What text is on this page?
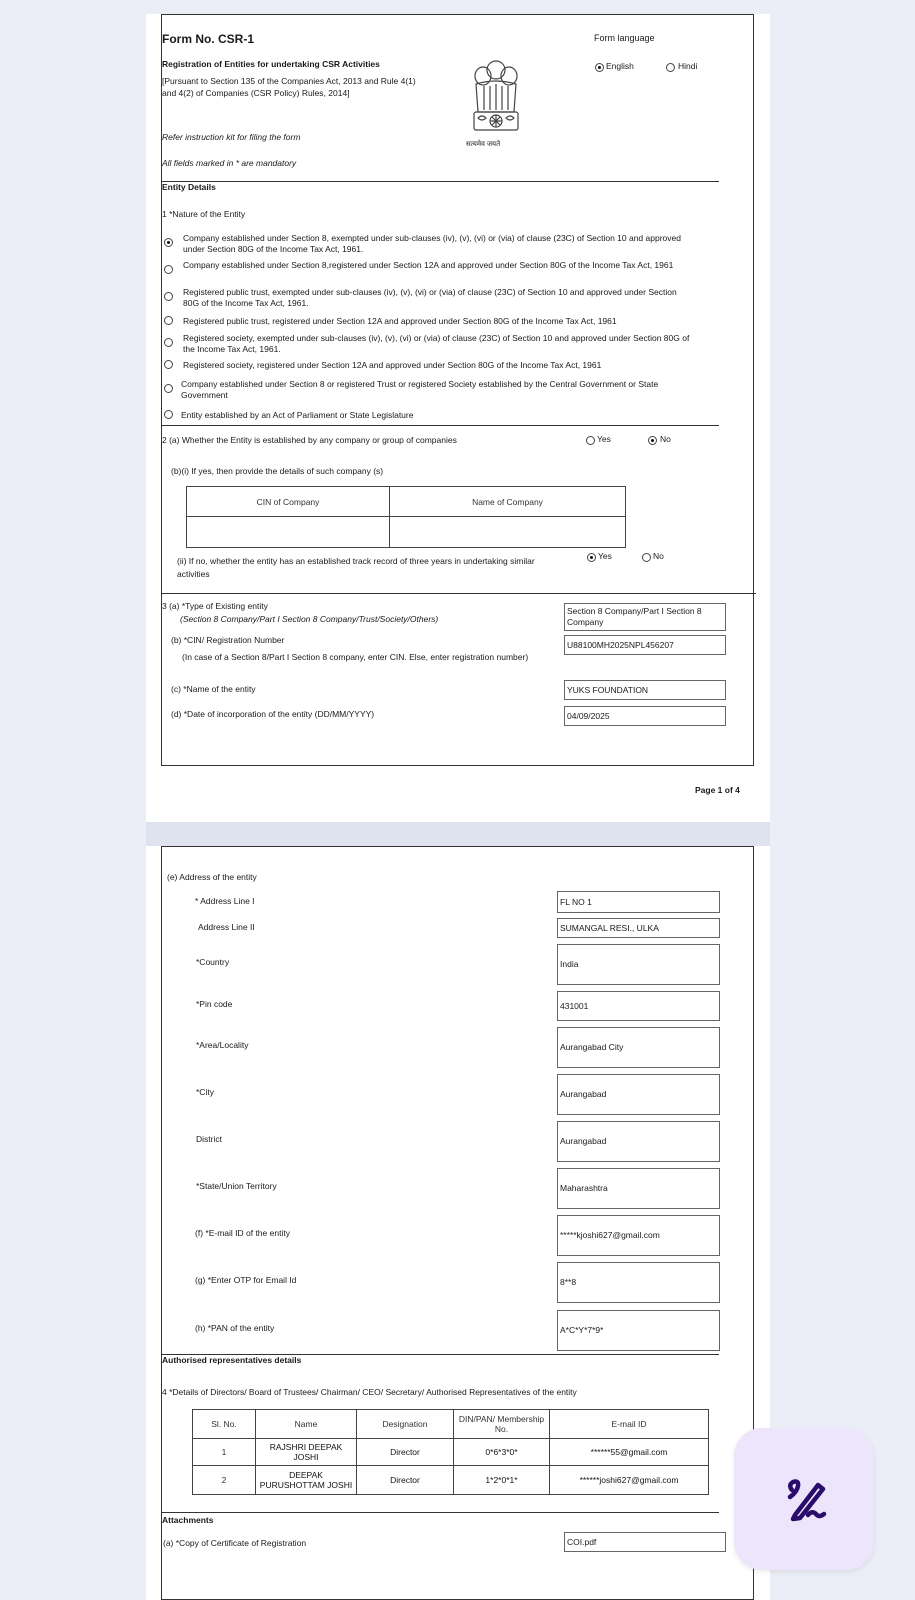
Form No. CSR-1	Form language
English	Hindi
Registration of Entities for undertaking CSR Activities
[Pursuant to Section 135 of the Companies Act, 2013 and Rule 4(1)
and 4(2) of Companies (CSR Policy) Rules, 2014]
सत्यमेव जयते
Refer instruction kit for filing the form
All fields marked in * are mandatory
Entity Details
1 *Nature of the Entity
Company established under Section 8, exempted under sub-clauses (iv), (v), (vi) or (via) of clause (23C) of Section 10 and approved under Section 80G of the Income Tax Act, 1961.
Company established under Section 8,registered under Section 12A and approved under Section 80G of the Income Tax Act, 1961
Registered public trust, exempted under sub-clauses (iv), (v), (vi) or (via) of clause (23C) of Section 10 and approved under Section 80G of the Income Tax Act, 1961.
Registered public trust, registered under Section 12A and approved under Section 80G of the Income Tax Act, 1961
Registered society, exempted under sub-clauses (iv), (v), (vi) or (via) of clause (23C) of Section 10 and approved under Section 80G of the Income Tax Act, 1961.
Registered society, registered under Section 12A and approved under Section 80G of the Income Tax Act, 1961
Company established under Section 8 or registered Trust or registered Society established by the Central Government or State Government
Entity established by an Act of Parliament or State Legislature
2 (a) Whether the Entity is established by any company or group of companies	Yes	No
(b)(i) If yes, then provide the details of such company (s)
CIN of Company	Name of Company

(ii) If no, whether the entity has an established track record of three years in undertaking similar
activities
Yes	No
3 (a) *Type of Existing entity
(Section 8 Company/Part I Section 8 Company/Trust/Society/Others)
Section 8 Company/Part I Section 8 Company
(b) *CIN/ Registration Number
(In case of a Section 8/Part I Section 8 company, enter CIN. Else, enter registration number)
U88100MH2025NPL456207
(c) *Name of the entity	YUKS FOUNDATION
(d) *Date of incorporation of the entity (DD/MM/YYYY)	04/09/2025
Page 1 of 4
(e) Address of the entity
* Address Line I	FL NO 1
Address Line II	SUMANGAL RESI., ULKA
*Country	India
*Pin code	431001
*Area/Locality	Aurangabad City
*City	Aurangabad
District	Aurangabad
*State/Union Territory	Maharashtra
(f) *E-mail ID of the entity	*****kjoshi627@gmail.com
(g) *Enter OTP for Email Id	8**8
(h) *PAN of the entity	A*C*Y*7*9*
Authorised representatives details
4 *Details of Directors/ Board of Trustees/ Chairman/ CEO/ Secretary/ Authorised Representatives of the entity
Sl. No.	Name	Designation	DIN/PAN/ Membership No.	E-mail ID
1	RAJSHRI DEEPAK JOSHI	Director	0*6*3*0*	******55@gmail.com
2	DEEPAK PURUSHOTTAM JOSHI	Director	1*2*0*1*	******joshi627@gmail.com
Attachments
(a) *Copy of Certificate of Registration	COI.pdf
